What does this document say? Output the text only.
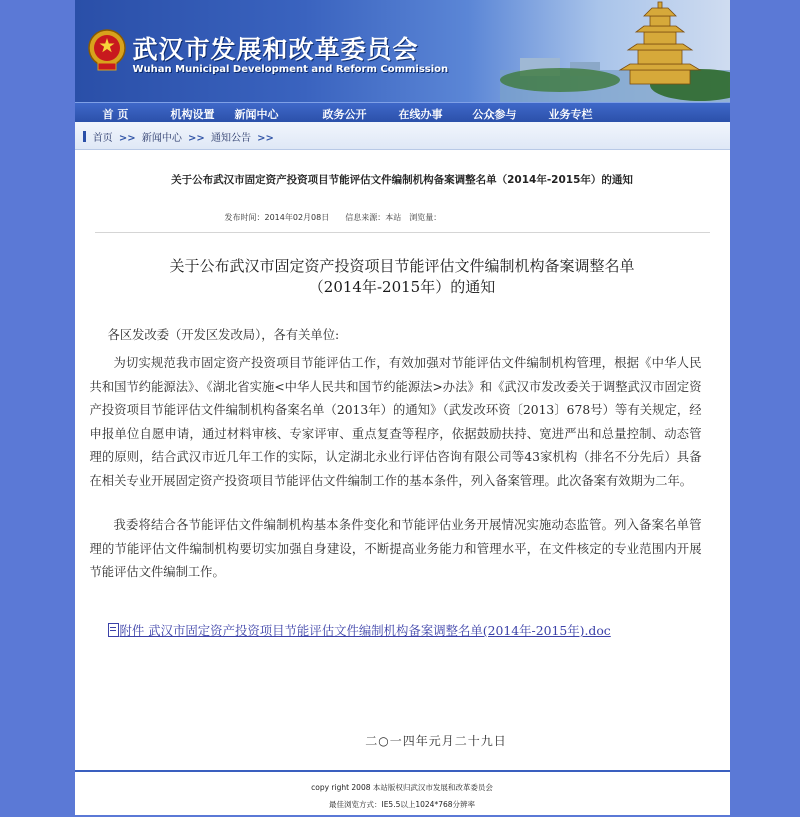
武汉市发展和改革委员会
Wuhan Municipal Development and Reform Commission
首 页	机构设置 新闻中心	政务公开	在线办事	公众参与	业务专栏
首页 >> 新闻中心 >> 通知公告 >>
关于公布武汉市固定资产投资项目节能评估文件编制机构备案调整名单（2014年-2015年）的通知
发布时间：2014年02月08日　　信息来源：本站　浏览量：
关于公布武汉市固定资产投资项目节能评估文件编制机构备案调整名单
（2014年-2015年）的通知

各区发改委（开发区发改局），各有关单位:

为切实规范我市固定资产投资项目节能评估工作，有效加强对节能评估文件编制机构管理，根据《中华人民共和国节约能源法》、《湖北省实施<中华人民共和国节约能源法>办法》和《武汉市发改委关于调整武汉市固定资产投资项目节能评估文件编制机构备案名单（2013年）的通知》（武发改环资〔2013〕678号）等有关规定，经申报单位自愿申请，通过材料审核、专家评审、重点复查等程序，依据鼓励扶持、宽进严出和总量控制、动态管理的原则，结合武汉市近几年工作的实际，认定湖北永业行评估咨询有限公司等43家机构（排名不分先后）具备在相关专业开展固定资产投资项目节能评估文件编制工作的基本条件，列入备案管理。此次备案有效期为二年。

我委将结合各节能评估文件编制机构基本条件变化和节能评估业务开展情况实施动态监管。列入备案名单管理的节能评估文件编制机构要切实加强自身建设，不断提高业务能力和管理水平，在文件核定的专业范围内开展节能评估文件编制工作。

附件 武汉市固定资产投资项目节能评估文件编制机构备案调整名单(2014年-2015年).doc
二○一四年元月二十九日
copy right 2008 本站版权归武汉市发展和改革委员会
最佳浏览方式：IE5.5以上1024*768分辨率
